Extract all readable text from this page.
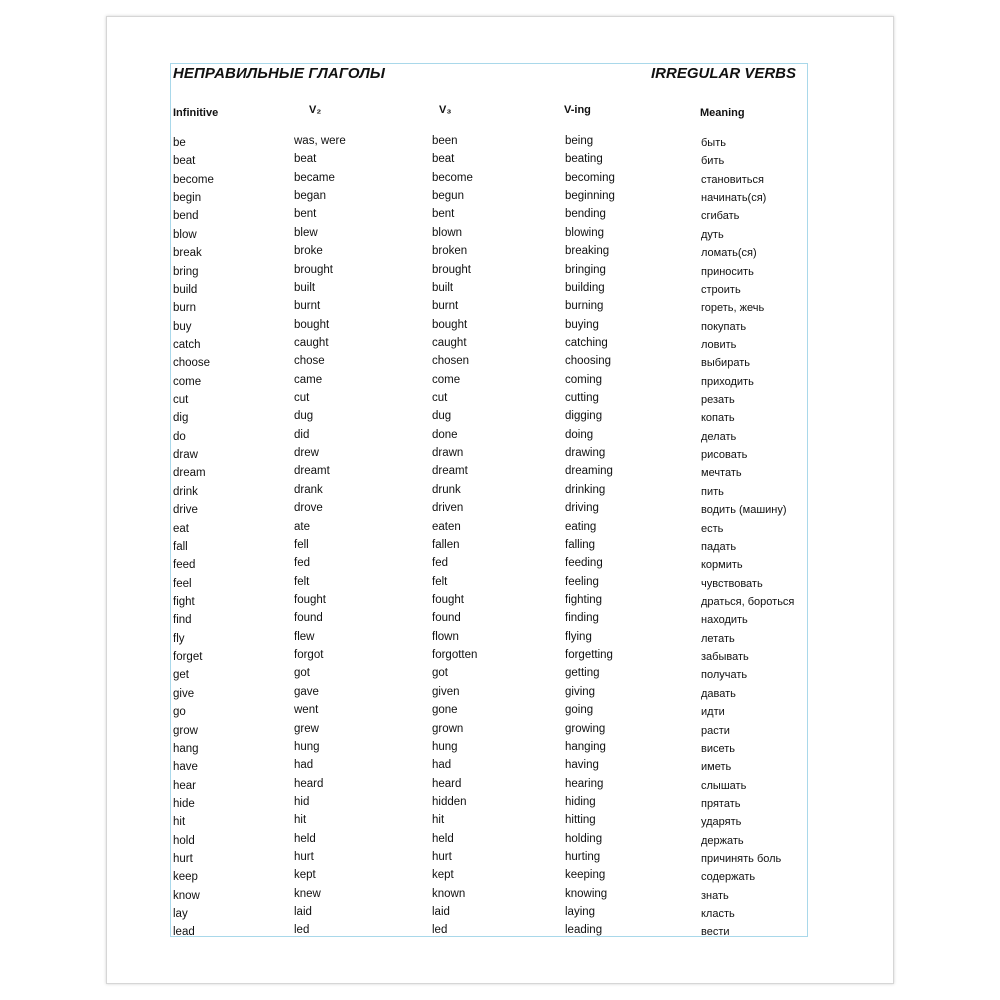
НЕПРАВИЛЬНЫЕ ГЛАГОЛЫ	IRREGULAR VERBS
Infinitive	V₂	V₃	V-ing	Meaning
be	was, were	been	being	быть
beat	beat	beat	beating	бить
become	became	become	becoming	становиться
begin	began	begun	beginning	начинать(ся)
bend	bent	bent	bending	сгибать
blow	blew	blown	blowing	дуть
break	broke	broken	breaking	ломать(ся)
bring	brought	brought	bringing	приносить
build	built	built	building	строить
burn	burnt	burnt	burning	гореть, жечь
buy	bought	bought	buying	покупать
catch	caught	caught	catching	ловить
choose	chose	chosen	choosing	выбирать
come	came	come	coming	приходить
cut	cut	cut	cutting	резать
dig	dug	dug	digging	копать
do	did	done	doing	делать
draw	drew	drawn	drawing	рисовать
dream	dreamt	dreamt	dreaming	мечтать
drink	drank	drunk	drinking	пить
drive	drove	driven	driving	водить (машину)
eat	ate	eaten	eating	есть
fall	fell	fallen	falling	падать
feed	fed	fed	feeding	кормить
feel	felt	felt	feeling	чувствовать
fight	fought	fought	fighting	драться, бороться
find	found	found	finding	находить
fly	flew	flown	flying	летать
forget	forgot	forgotten	forgetting	забывать
get	got	got	getting	получать
give	gave	given	giving	давать
go	went	gone	going	идти
grow	grew	grown	growing	расти
hang	hung	hung	hanging	висеть
have	had	had	having	иметь
hear	heard	heard	hearing	слышать
hide	hid	hidden	hiding	прятать
hit	hit	hit	hitting	ударять
hold	held	held	holding	держать
hurt	hurt	hurt	hurting	причинять боль
keep	kept	kept	keeping	содержать
know	knew	known	knowing	знать
lay	laid	laid	laying	класть
lead	led	led	leading	вести
